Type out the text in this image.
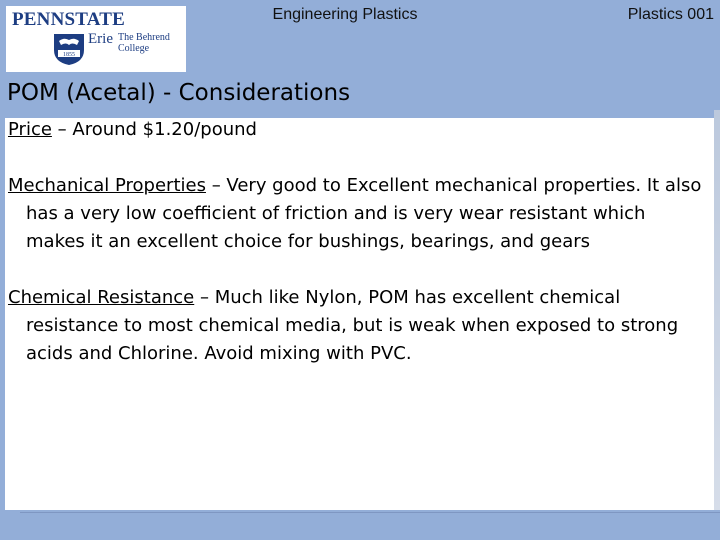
PENNSTATE
1855
Erie The Behrend College
Engineering Plastics	Plastics 001
POM (Acetal) - Considerations

Price – Around $1.20/pound

Mechanical Properties – Very good to Excellent mechanical properties. It also has a very low coefficient of friction and is very wear resistant which makes it an excellent choice for bushings, bearings, and gears

Chemical Resistance – Much like Nylon, POM has excellent chemical resistance to most chemical media, but is weak when exposed to strong acids and Chlorine. Avoid mixing with PVC.
